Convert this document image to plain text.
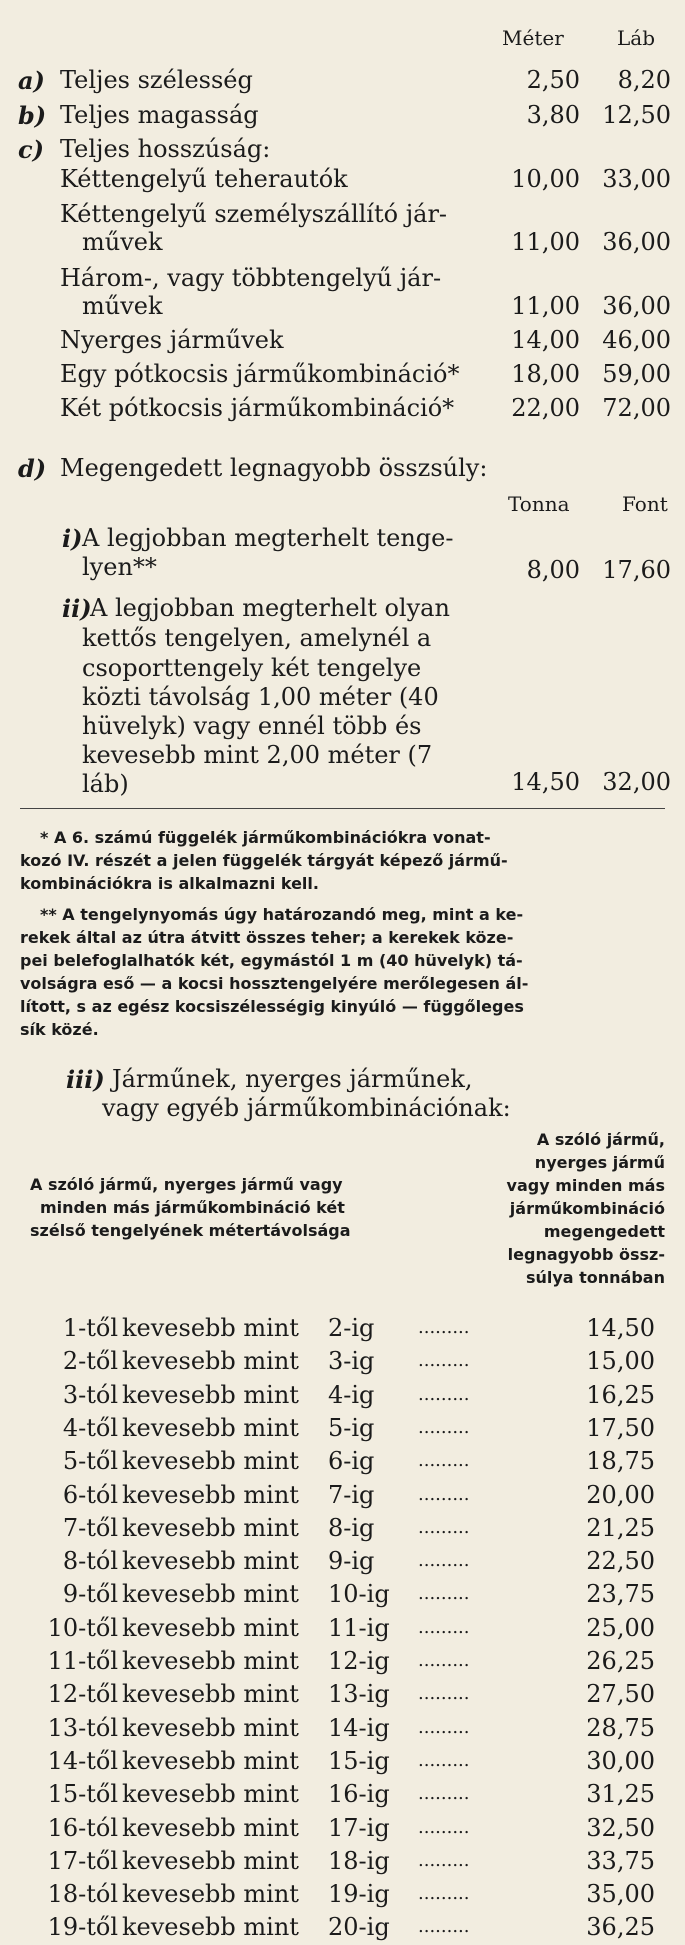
Méter	Láb
a) Teljes szélesség	2,50 8,20
b) Teljes magasság	3,80 12,50
c) Teljes hosszúság:
Kéttengelyű teherautók	10,00 33,00
Kéttengelyű személyszállító jár-
művek	11,00 36,00
Három-, vagy többtengelyű jár-
művek	11,00 36,00
Nyerges járművek	14,00 46,00
Egy pótkocsis járműkombináció* 18,00 59,00
Két pótkocsis járműkombináció* 22,00 72,00
d) Megengedett legnagyobb összsúly:
Tonna	Font
i) A legjobban megterhelt tenge-
lyen**	8,00 17,60
ii)
A legjobban megterhelt olyan
kettős tengelyen, amelynél a
csoporttengely két tengelye
közti távolság 1,00 méter (40
hüvelyk) vagy ennél több és
kevesebb mint 2,00 méter (7
láb)	14,50 32,00
* A 6. számú függelék járműkombinációkra vonat-
kozó IV. részét a jelen függelék tárgyát képező jármű-
kombinációkra is alkalmazni kell.
** A tengelynyomás úgy határozandó meg, mint a ke-
rekek által az útra átvitt összes teher; a kerekek köze-
pei belefoglalhatók két, egymástól 1 m (40 hüvelyk) tá-
volságra eső — a kocsi hossztengelyére merőlegesen ál-
lított, s az egész kocsiszélességig kinyúló — függőleges
sík közé.
iii) Járműnek, nyerges járműnek,
vagy egyéb járműkombinációnak:
A szóló jármű, nyerges jármű vagy
minden más járműkombináció két
szélső tengelyének métertávolsága
A szóló jármű,
nyerges jármű
vagy minden más
járműkombináció
megengedett
legnagyobb össz-
súlya tonnában
1-től kevesebb mint 2-ig .........	14,50
2-től kevesebb mint 3-ig .........	15,00
3-tól kevesebb mint 4-ig .........	16,25
4-től kevesebb mint 5-ig .........	17,50
5-től kevesebb mint 6-ig .........	18,75
6-tól kevesebb mint 7-ig .........	20,00
7-től kevesebb mint 8-ig .........	21,25
8-tól kevesebb mint 9-ig .........	22,50
9-től kevesebb mint 10-ig .........	23,75
10-től kevesebb mint 11-ig .........	25,00
11-től kevesebb mint 12-ig .........	26,25
12-től kevesebb mint 13-ig .........	27,50
13-tól kevesebb mint 14-ig .........	28,75
14-től kevesebb mint 15-ig .........	30,00
15-től kevesebb mint 16-ig .........	31,25
16-tól kevesebb mint 17-ig .........	32,50
17-től kevesebb mint 18-ig .........	33,75
18-tól kevesebb mint 19-ig .........	35,00
19-től kevesebb mint 20-ig .........	36,25
